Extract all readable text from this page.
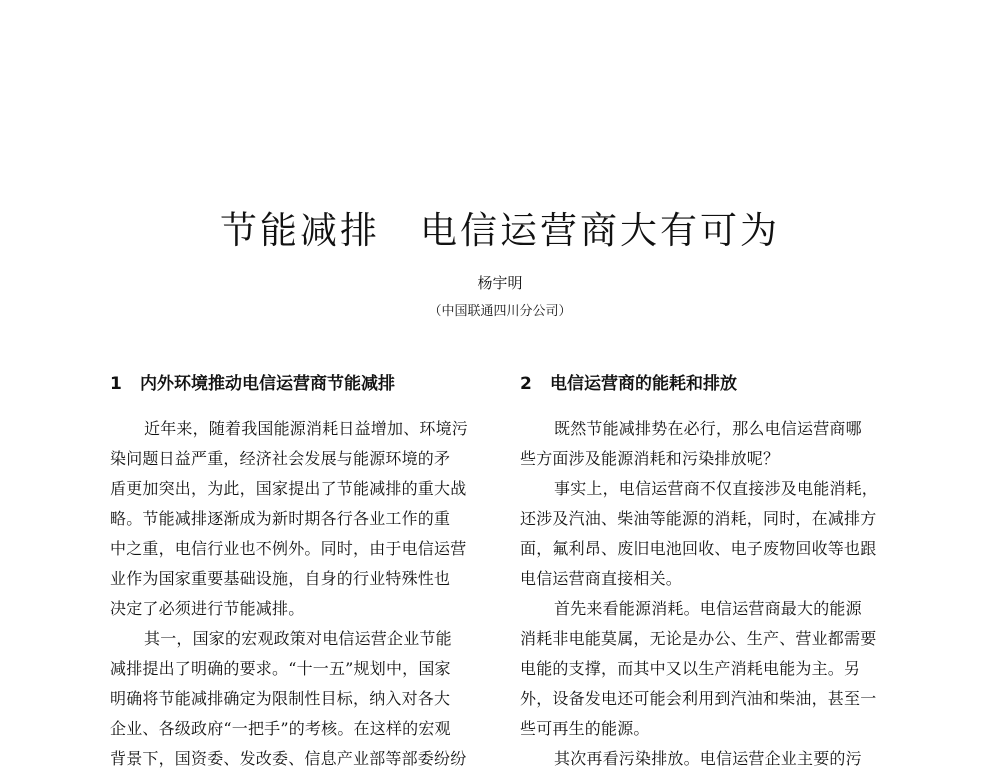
节能减排　电信运营商大有可为
杨宇明
（中国联通四川分公司）
1 内外环境推动电信运营商节能减排
近年来，随着我国能源消耗日益增加、环境污
染问题日益严重，经济社会发展与能源环境的矛
盾更加突出，为此，国家提出了节能减排的重大战
略。节能减排逐渐成为新时期各行各业工作的重
中之重，电信行业也不例外。同时，由于电信运营
业作为国家重要基础设施，自身的行业特殊性也
决定了必须进行节能减排。
其一，国家的宏观政策对电信运营企业节能
减排提出了明确的要求。“十一五”规划中，国家
明确将节能减排确定为限制性目标，纳入对各大
企业、各级政府“一把手”的考核。在这样的宏观
背景下，国资委、发改委、信息产业部等部委纷纷
2 电信运营商的能耗和排放
既然节能减排势在必行，那么电信运营商哪
些方面涉及能源消耗和污染排放呢？
事实上，电信运营商不仅直接涉及电能消耗，
还涉及汽油、柴油等能源的消耗，同时，在减排方
面，氟利昂、废旧电池回收、电子废物回收等也跟
电信运营商直接相关。
首先来看能源消耗。电信运营商最大的能源
消耗非电能莫属，无论是办公、生产、营业都需要
电能的支撑，而其中又以生产消耗电能为主。另
外，设备发电还可能会利用到汽油和柴油，甚至一
些可再生的能源。
其次再看污染排放。电信运营企业主要的污
